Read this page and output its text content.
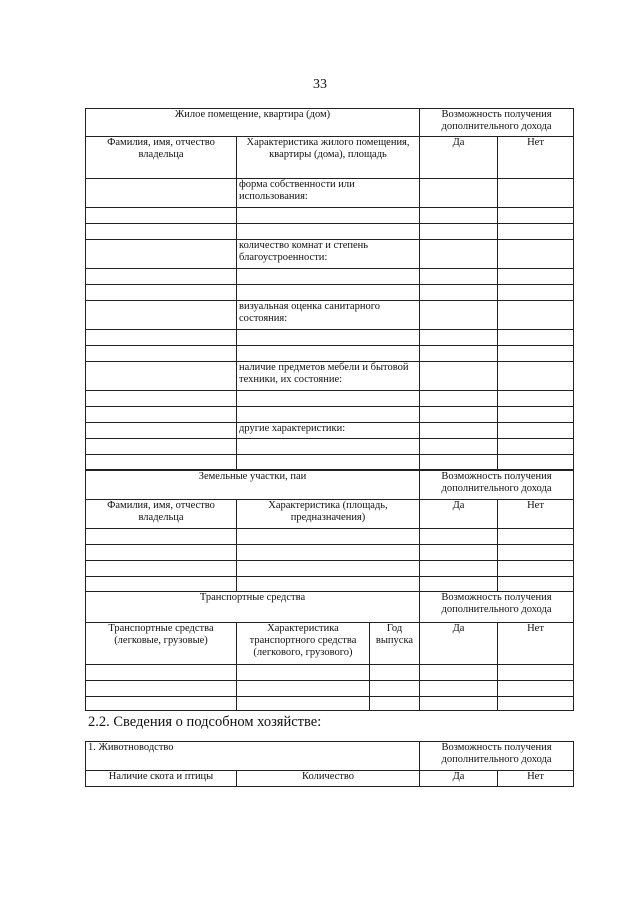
33
Жилое помещение, квартира (дом)		Возможность получения дополнительного дохода	
Фамилия, имя, отчество владельца	Характеристика жилого помещения, квартиры (дома), площадь	Да	Нет
	форма собственности или использования:		

	количество комнат и степень благоустроенности:		

	визуальная оценка санитарного состояния:		

	наличие предметов мебели и бытовой техники, их состояние:		

	другие характеристики:		

Земельные участки, паи		Возможность получения дополнительного дохода	
Фамилия, имя, отчество владельца	Характеристика (площадь, предназначения)	Да	Нет

Транспортные средства			Возможность получения дополнительного дохода	
Транспортные средства (легковые, грузовые)	Характеристика транспортного средства (легкового, грузового)	Год выпуска	Да	Нет

2.2. Сведения о подсобном хозяйстве:
1. Животноводство		Возможность получения дополнительного дохода	
Наличие скота и птицы	Количество	Да	Нет
